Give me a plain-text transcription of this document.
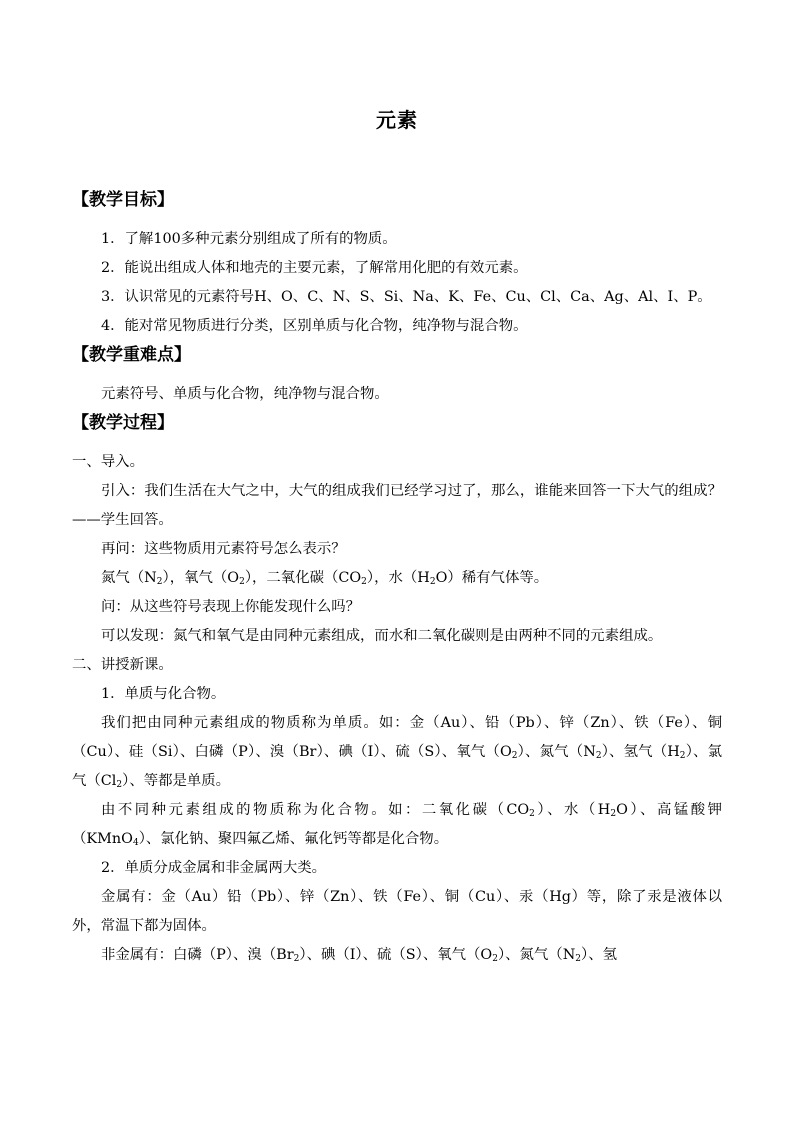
元素
【教学目标】

1．了解100多种元素分别组成了所有的物质。

2．能说出组成人体和地壳的主要元素，了解常用化肥的有效元素。

3．认识常见的元素符号H、O、C、N、S、Si、Na、K、Fe、Cu、Cl、Ca、Ag、Al、I、P。

4．能对常见物质进行分类，区别单质与化合物，纯净物与混合物。

【教学重难点】

元素符号、单质与化合物，纯净物与混合物。

【教学过程】

一、导入。

引入：我们生活在大气之中，大气的组成我们已经学习过了，那么，谁能来回答一下大气的组成？——学生回答。

再问：这些物质用元素符号怎么表示？

氮气$(N_2)$，氧气$(O_2)$，二氧化碳$(CO_2)$，水$(H_2O)$稀有气体等。

问：从这些符号表现上你能发现什么吗？

可以发现：氮气和氧气是由同种元素组成，而水和二氧化碳则是由两种不同的元素组成。

二、讲授新课。

1．单质与化合物。

我们把由同种元素组成的物质称为单质。如：金（Au）、铅（Pb）、锌（Zn）、铁（Fe）、铜（Cu）、硅（Si）、白磷（P）、溴（Br）、碘（I）、硫（S）、氧气$(O_2)$、氮气$(N_2)$、氢气$(H_2)$、氯气$(Cl_2)$、等都是单质。

由不同种元素组成的物质称为化合物。如：二氧化碳$(CO_2)$、水$(H_2O)$、高锰酸钾（KMnO$_4$）、氯化钠、聚四氟乙烯、氟化钙等都是化合物。

2．单质分成金属和非金属两大类。

金属有：金（Au）铅（Pb）、锌（Zn）、铁（Fe）、铜（Cu）、汞（Hg）等，除了汞是液体以外，常温下都为固体。

非金属有：白磷（P）、溴$(Br_2)$、碘（I）、硫（S）、氧气$(O_2)$、氮气$(N_2)$、氢
